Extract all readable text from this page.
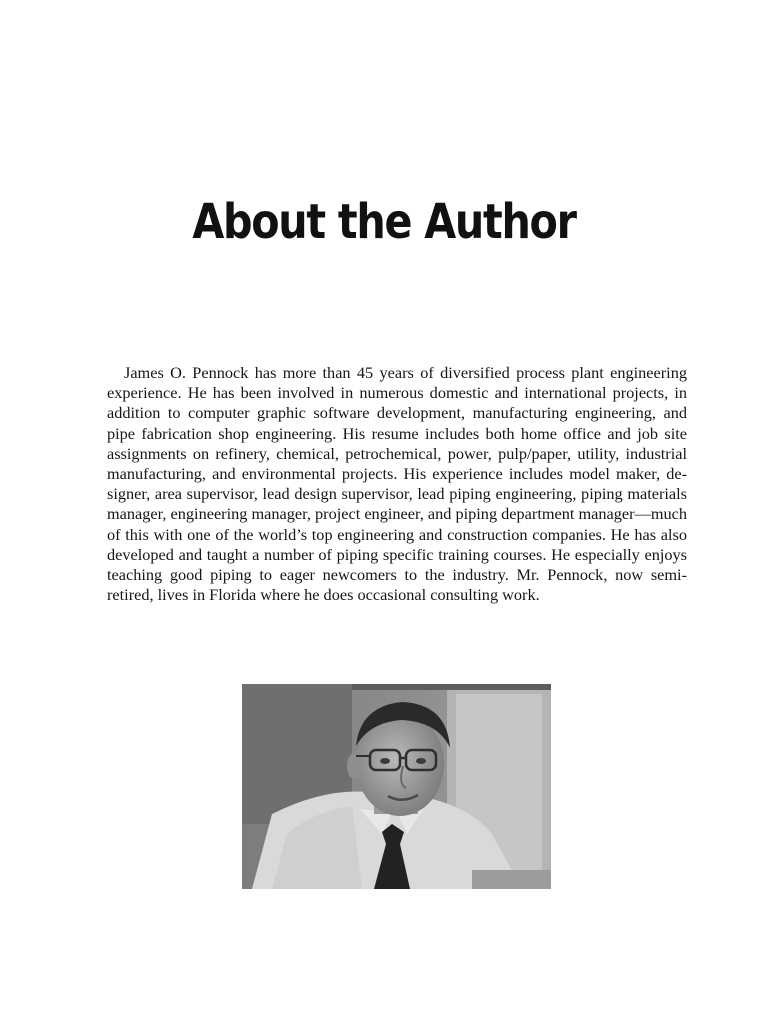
About the Author

James O. Pennock has more than 45 years of diversified process plant engineering experience. He has been involved in numerous domestic and international projects, in addition to computer graphic software development, manufacturing engineering, and pipe fabrication shop engineering. His resume includes both home office and job site assignments on refinery, chemical, petrochemical, power, pulp/paper, utility, industrial manufacturing, and environmental projects. His experience includes model maker, designer, area supervisor, lead design supervisor, lead piping engineering, piping materials manager, engineering manager, project engineer, and piping department manager—much of this with one of the world’s top engineering and construction companies. He has also developed and taught a number of piping specific training courses. He especially enjoys teaching good piping to eager newcomers to the industry. Mr. Pennock, now semi-retired, lives in Florida where he does occasional consulting work.
